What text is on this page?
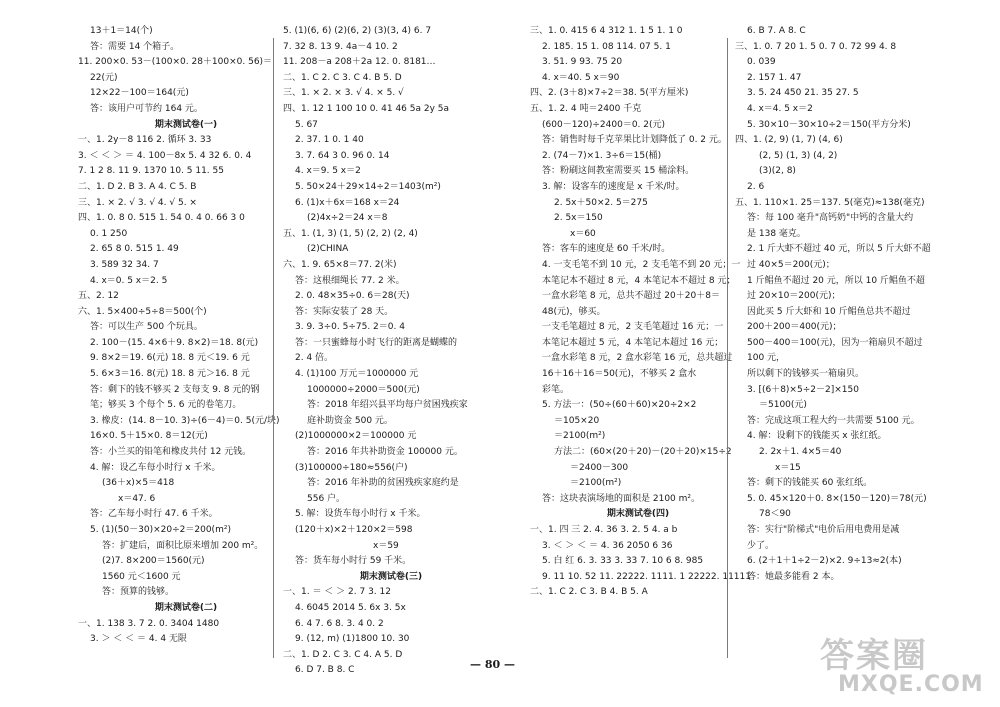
13＋1＝14(个)
答：需要 14 个箱子。
11. 200×0. 53－(100×0. 28＋100×0. 56)＝
22(元)
12×22－100＝164(元)
答：该用户可节约 164 元。
期末测试卷(一)
一、1. 2y－8 116 2. 循环 3. 33
3. ＜ ＜ ＞ ＝ 4. 100－8x 5. 4 32 6. 0. 4
7. 1 2 8. 11 9. 1370 10. 5 11. 55
二、1. D 2. B 3. A 4. C 5. B
三、1. × 2. √ 3. √ 4. √ 5. ×
四、1. 0. 8 0. 515 1. 54 0. 4 0. 66 3 0
0. 1 250
2. 65 8 0. 515 1. 49
3. 589 32 34. 7
4. x＝0. 5 x＝2. 5
五、2. 12
六、1. 5×400÷5÷8＝500(个)
答：可以生产 500 个玩具。
2. 100－(15. 4×6＋9. 8×2)＝18. 8(元)
9. 8×2＝19. 6(元) 18. 8 元＜19. 6 元
5. 6×3＝16. 8(元) 18. 8 元＞16. 8 元
答：剩下的钱不够买 2 支每支 9. 8 元的钢
笔；够买 3 个每个 5. 6 元的卷笔刀。
3. 橡皮：(14. 8－10. 3)÷(6－4)＝0. 5(元/块)
16×0. 5＋15×0. 8＝12(元)
答：小兰买的铅笔和橡皮共付 12 元钱。
4. 解：设乙车每小时行 x 千米。
(36＋x)×5＝418
x＝47. 6
答：乙车每小时行 47. 6 千米。
5. (1)(50－30)×20÷2＝200(m²)
答：扩建后，面积比原来增加 200 m²。
(2)7. 8×200＝1560(元)
1560 元＜1600 元
答：预算的钱够。
期末测试卷(二)
一、1. 138 3. 7 2. 0. 3404 1480
3. ＞ ＜ ＜ ＝ 4. 4 无限
5. (1)(6, 6) (2)(6, 2) (3)(3, 4) 6. 7
7. 32 8. 13 9. 4a－4 10. 2
11. 208－a 208＋2a 12. 0. 8181…
二、1. C 2. C 3. C 4. B 5. D
三、1. × 2. × 3. √ 4. × 5. √
四、1. 12 1 100 10 0. 41 46 5a 2y 5a
5. 67
2. 37. 1 0. 1 40
3. 7. 64 3 0. 96 0. 14
4. x＝9. 5 x＝2
5. 50×24＋29×14÷2＝1403(m²)
6. (1)x＋6x＝168 x＝24
(2)4x÷2＝24 x＝8
五、1. (1, 3) (1, 5) (2, 2) (2, 4)
(2)CHINA
六、1. 9. 65×8＝77. 2(米)
答：这根细绳长 77. 2 米。
2. 0. 48×35÷0. 6＝28(天)
答：实际安装了 28 天。
3. 9. 3÷0. 5÷75. 2＝0. 4
答：一只蜜蜂每小时飞行的距离是蝴蝶的
2. 4 倍。
4. (1)100 万元＝1000000 元
1000000÷2000＝500(元)
答：2018 年绍兴县平均每户贫困残疾家
庭补助资金 500 元。
(2)1000000×2＝100000 元
答：2016 年共补助资金 100000 元。
(3)100000÷180≈556(户)
答：2016 年补助的贫困残疾家庭约是
556 户。
5. 解：设货车每小时行 x 千米。
(120＋x)×2＋120×2＝598
x＝59
答：货车每小时行 59 千米。
期末测试卷(三)
一、1. ＝ ＜ ＞ 2. 7 3. 12
4. 6045 2014 5. 6x 3. 5x
6. 4 7. 6 8. 3. 4 0. 2
9. (12, m) (1)1800 10. 30
二、1. D 2. C 3. C 4. A 5. D
6. D 7. B 8. C
三、1. 0. 415 6 4 312 1. 1 5 1. 1 0
2. 185. 15 1. 08 114. 07 5. 1
3. 51. 9 93. 75 20
4. x＝40. 5 x＝90
四、2. (3＋8)×7÷2＝38. 5(平方厘米)
五、1. 2. 4 吨＝2400 千克
(600－120)÷2400＝0. 2(元)
答：销售时每千克苹果比计划降低了 0. 2 元。
2. (74－7)×1. 3÷6＝15(桶)
答：粉刷这间教室需要买 15 桶涂料。
3. 解：设客车的速度是 x 千米/时。
2. 5x＋50×2. 5＝275
2. 5x＝150
x＝60
答：客车的速度是 60 千米/时。
4. 一支毛笔不到 10 元，2 支毛笔不到 20 元；一
本笔记本不超过 8 元，4 本笔记本不超过 8 元；
一盒水彩笔 8 元，总共不超过 20＋20＋8＝
48(元)，够买。
一支毛笔超过 8 元，2 支毛笔超过 16 元；一
本笔记本超过 5 元，4 本笔记本超过 16 元；
一盒水彩笔 8 元，2 盒水彩笔 16 元，总共超过
16＋16＋16＝50(元)，不够买 2 盒水
彩笔。
5. 方法一：(50÷(60＋60)×20÷2×2
＝105×20
＝2100(m²)
方法二：(60×(20＋20)－(20＋20)×15÷2
＝2400－300
＝2100(m²)
答：这块表演场地的面积是 2100 m²。
期末测试卷(四)
一、1. 四 三 2. 4. 36 3. 2. 5 4. a b
3. ＜ ＞ ＜ ＝ 4. 36 2050 6 36
5. 白 红 6. 3. 33 3. 33 7. 10 6 8. 985
9. 11 10. 52 11. 22222. 1111. 1 22222. 11111
二、1. C 2. C 3. B 4. B 5. A
6. B 7. A 8. C
三、1. 0. 7 20 1. 5 0. 7 0. 72 99 4. 8
0. 039
2. 157 1. 47
3. 5. 24 450 21. 35 27. 5
4. x＝4. 5 x＝2
5. 30×10－30×10÷2＝150(平方分米)
四、1. (2, 9) (1, 7) (4, 6)
(2, 5) (1, 3) (4, 2)
(3)(2, 8)
2. 6
五、1. 110×1. 25＝137. 5(毫克)≈138(毫克)
答：每 100 毫升"高钙奶"中钙的含量大约
是 138 毫克。
2. 1 斤大虾不超过 40 元，所以 5 斤大虾不超
过 40×5＝200(元)；
1 斤鲳鱼不超过 20 元，所以 10 斤鲳鱼不超
过 20×10＝200(元)；
因此买 5 斤大虾和 10 斤鲳鱼总共不超过
200＋200＝400(元)；
500－400＝100(元)，因为一箱扇贝不超过
100 元，
所以剩下的钱够买一箱扇贝。
3. [(6＋8)×5÷2－2]×150
＝5100(元)
答：完成这项工程大约一共需要 5100 元。
4. 解：设剩下的钱能买 x 张红纸。
2. 2x＋1. 4×5＝40
x＝15
答：剩下的钱能买 60 张红纸。
5. 0. 45×120＋0. 8×(150－120)＝78(元)
78＜90
答：实行"阶梯式"电价后用电费用是减
少了。
6. (2＋1＋1÷2－2)×2. 9÷13≈2(本)
答：她最多能看 2 本。
— 80 —	答案圈
MXQE.COM
